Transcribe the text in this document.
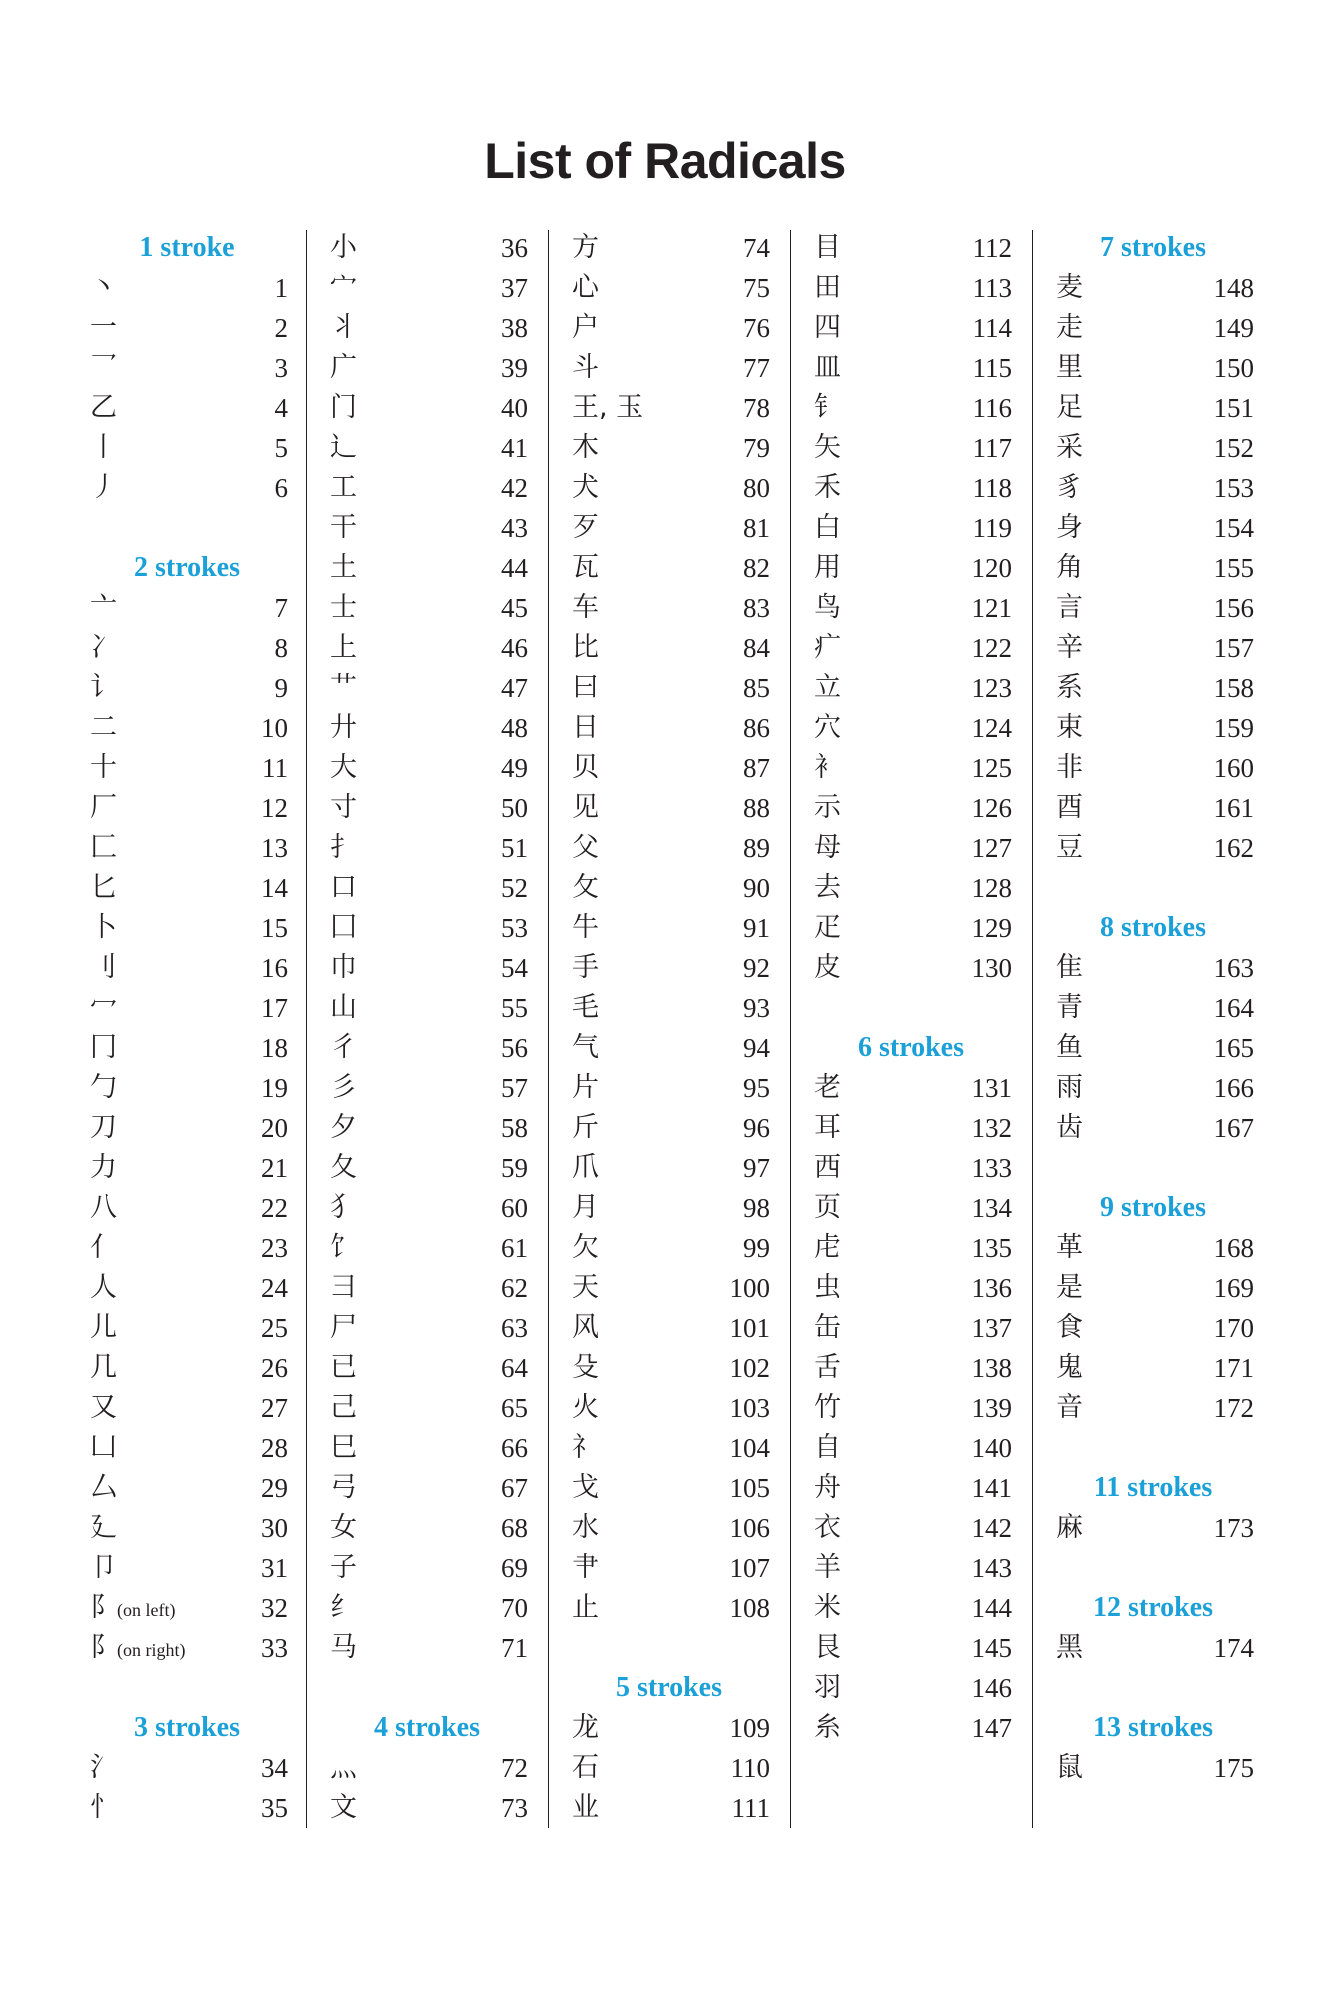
List of Radicals
1 stroke
丶	1
一	2
乛	3
乙	4
丨	5
丿	6
2 strokes
亠	7
冫	8
讠	9
二	10
十	11
厂	12
匚	13
匕	14
卜	15
刂	16
冖	17
冂	18
勹	19
刀	20
力	21
八	22
亻	23
人	24
儿	25
几	26
又	27
凵	28
厶	29
廴	30
卩	31
阝(on left)	32
阝(on right)	33
3 strokes
氵	34
忄	35
小	36
宀	37
丬	38
广	39
门	40
辶	41
工	42
干	43
土	44
士	45
上	46
艹	47
廾	48
大	49
寸	50
扌	51
口	52
囗	53
巾	54
山	55
彳	56
彡	57
夕	58
夂	59
犭	60
饣	61
彐	62
尸	63
已	64
己	65
巳	66
弓	67
女	68
子	69
纟	70
马	71
4 strokes
灬	72
文	73
方	74
心	75
户	76
斗	77
王, 玉	78
木	79
犬	80
歹	81
瓦	82
车	83
比	84
曰	85
日	86
贝	87
见	88
父	89
攵	90
牛	91
手	92
毛	93
气	94
片	95
斤	96
爪	97
月	98
欠	99
天	100
风	101
殳	102
火	103
礻	104
戈	105
水	106
肀	107
止	108
5 strokes
龙	109
石	110
业	111
目	112
田	113
四	114
皿	115
钅	116
矢	117
禾	118
白	119
用	120
鸟	121
疒	122
立	123
穴	124
衤	125
示	126
母	127
去	128
疋	129
皮	130
6 strokes
老	131
耳	132
西	133
页	134
虍	135
虫	136
缶	137
舌	138
竹	139
自	140
舟	141
衣	142
羊	143
米	144
艮	145
羽	146
糸	147
7 strokes
麦	148
走	149
里	150
足	151
采	152
豸	153
身	154
角	155
言	156
辛	157
系	158
束	159
非	160
酉	161
豆	162
8 strokes
隹	163
青	164
鱼	165
雨	166
齿	167
9 strokes
革	168
是	169
食	170
鬼	171
音	172
11 strokes
麻	173
12 strokes
黑	174
13 strokes
鼠	175
